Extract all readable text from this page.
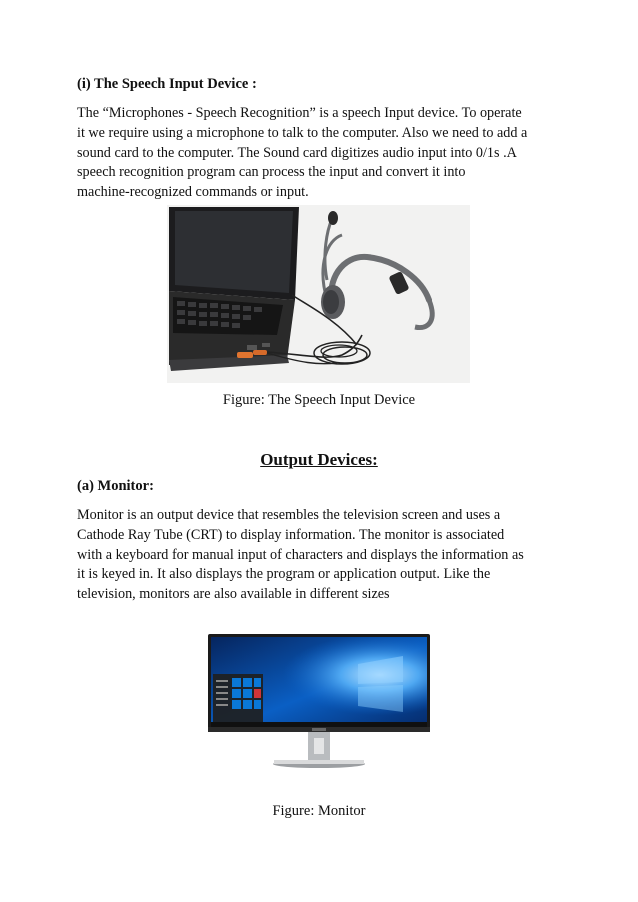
(i) The Speech Input Device :
The “Microphones - Speech Recognition” is a speech Input device. To operate
it we require using a microphone to talk to the computer. Also we need to add a
sound card to the computer. The Sound card digitizes audio input into 0/1s .A
speech recognition program can process the input and convert it into
machine-recognized commands or input.
Figure: The Speech Input Device
Output Devices:
(a) Monitor:
Monitor is an output device that resembles the television screen and uses a
Cathode Ray Tube (CRT) to display information. The monitor is associated
with a keyboard for manual input of characters and displays the information as
it is keyed in. It also displays the program or application output. Like the
television, monitors are also available in different sizes
Figure: Monitor
